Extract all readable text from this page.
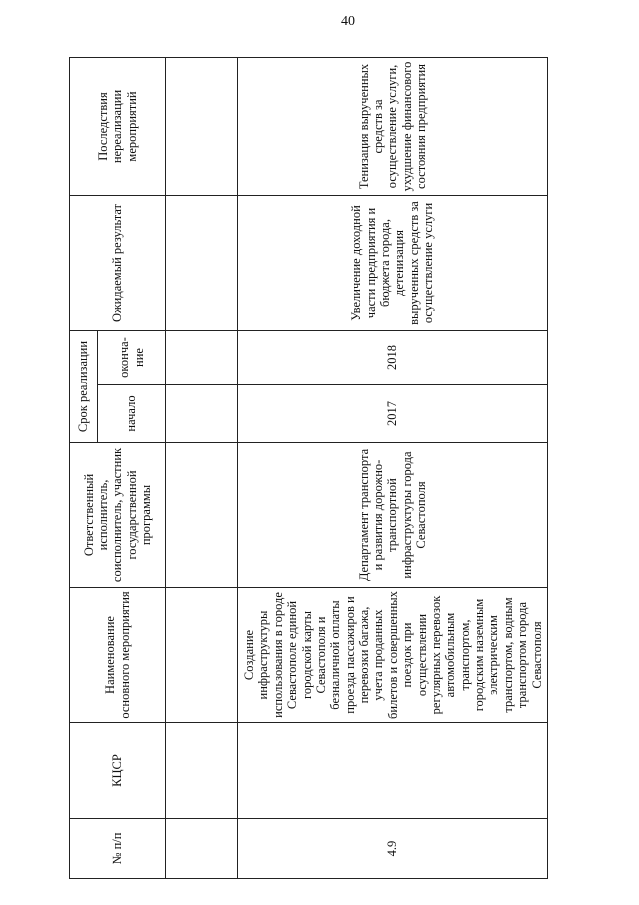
40
№ п/п	КЦСР	Наименование основного мероприятия	Ответственный исполнитель, соисполнитель, участник государственной программы	Срок реализации		Ожидаемый результат	Последствия нереализации мероприятий

				начало	оконча-ние		

4.9		Создание инфраструктуры использования в городе Севастополе единой городской карты Севастополя и безналичной оплаты проезда пассажиров и перевозки багажа, учета проданных билетов и совершенных поездок при осуществлении регулярных перевозок автомобильным транспортом, городским наземным электрическим транспортом, водным транспортом города Севастополя	Департамент транспорта и развития дорожно-транспортной инфраструктуры города Севастополя	2017	2018	Увеличение доходной части предприятия и бюджета города, детенизация вырученных средств за осуществление услуги	Тенизация вырученных средств за осуществление услуги, ухудшение финансового состояния предприятия
